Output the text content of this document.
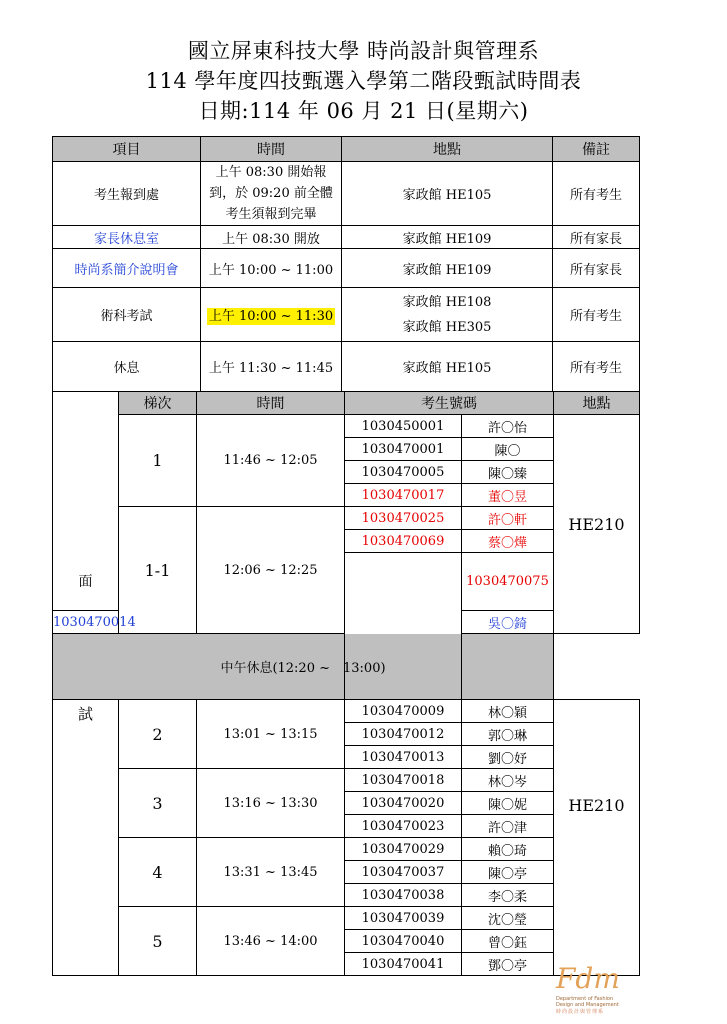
國立屏東科技大學 時尚設計與管理系
114 學年度四技甄選入學第二階段甄試時間表
日期:114 年 06 月 21 日(星期六)
項目	時間	地點	備註
考生報到處	上午 08:30 開始報
到，於 09:20 前全體
考生須報到完畢	家政館 HE105	所有考生
家長休息室	上午 08:30 開放	家政館 HE109	所有家長
時尚系簡介說明會	上午 10:00 ~ 11:00	家政館 HE109	所有家長
術科考試	上午 10:00 ~ 11:30	家政館 HE108
家政館 HE305	所有考生
休息	上午 11:30 ~ 11:45	家政館 HE105	所有考生
面	梯次	時間	考生號碼		地點	
	1	11:46 ~ 12:05	1030450001	許〇怡	HE210	
			1030470001	陳〇		
			1030470005	陳〇臻		
			1030470017	董〇昱		
	1-1	12:06 ~ 12:25	1030470025	許〇軒		
			1030470069	蔡〇燁		
				1030470075	
1030470014				吳〇錡		
中午休息(12:20 ~　13:00)						

試	2	13:01 ~ 13:15	1030470009	林〇穎	HE210	

			1030470012	郭〇琳		
			1030470013	劉〇妤		
	3	13:16 ~ 13:30	1030470018	林〇岑		
			1030470020	陳〇妮		
			1030470023	許〇津		
	4	13:31 ~ 13:45	1030470029	賴〇琦		
			1030470037	陳〇亭		
			1030470038	李〇柔		
	5	13:46 ~ 14:00	1030470039	沈〇瑩		
			1030470040	曾〇鈺		
			1030470041	鄧〇亭		Fdm
Department of Fashion Design and Management
時尚設計與管理系
